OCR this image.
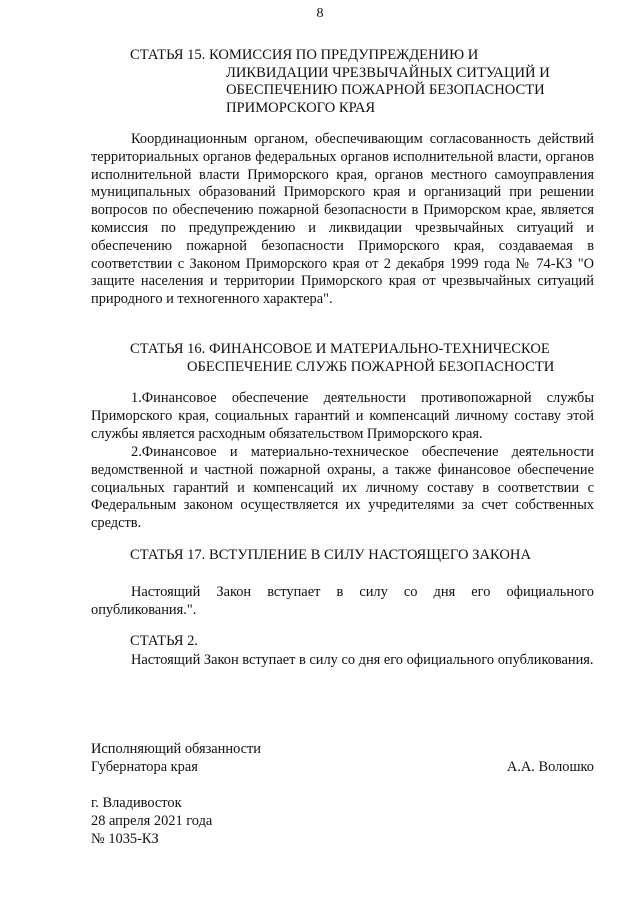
8
СТАТЬЯ 15. КОМИССИЯ ПО ПРЕДУПРЕЖДЕНИЮ И
ЛИКВИДАЦИИ ЧРЕЗВЫЧАЙНЫХ СИТУАЦИЙ И
ОБЕСПЕЧЕНИЮ ПОЖАРНОЙ БЕЗОПАСНОСТИ
ПРИМОРСКОГО КРАЯ

Координационным органом, обеспечивающим согласованность действий территориальных органов федеральных органов исполнительной власти, органов исполнительной власти Приморского края, органов местного самоуправления муниципальных образований Приморского края и организаций при решении вопросов по обеспечению пожарной безопасности в Приморском крае, является комиссия по предупреждению и ликвидации чрезвычайных ситуаций и обеспечению пожарной безопасности Приморского края, создаваемая в соответствии с Законом Приморского края от 2 декабря 1999 года № 74-КЗ "О защите населения и территории Приморского края от чрезвычайных ситуаций природного и техногенного характера".

СТАТЬЯ 16. ФИНАНСОВОЕ И МАТЕРИАЛЬНО-ТЕХНИЧЕСКОЕ
ОБЕСПЕЧЕНИЕ СЛУЖБ ПОЖАРНОЙ БЕЗОПАСНОСТИ

1.Финансовое обеспечение деятельности противопожарной службы Приморского края, социальных гарантий и компенсаций личному составу этой службы является расходным обязательством Приморского края.

2.Финансовое и материально-техническое обеспечение деятельности ведомственной и частной пожарной охраны, а также финансовое обеспечение социальных гарантий и компенсаций их личному составу в соответствии с Федеральным законом осуществляется их учредителями за счет собственных средств.

СТАТЬЯ 17. ВСТУПЛЕНИЕ В СИЛУ НАСТОЯЩЕГО ЗАКОНА

Настоящий Закон вступает в силу со дня его официального опубликования.".

СТАТЬЯ 2.

Настоящий Закон вступает в силу со дня его официального опубликования.

Исполняющий обязанности
Губернатора края	А.А. Волошко
г. Владивосток
28 апреля 2021 года
№ 1035-КЗ
